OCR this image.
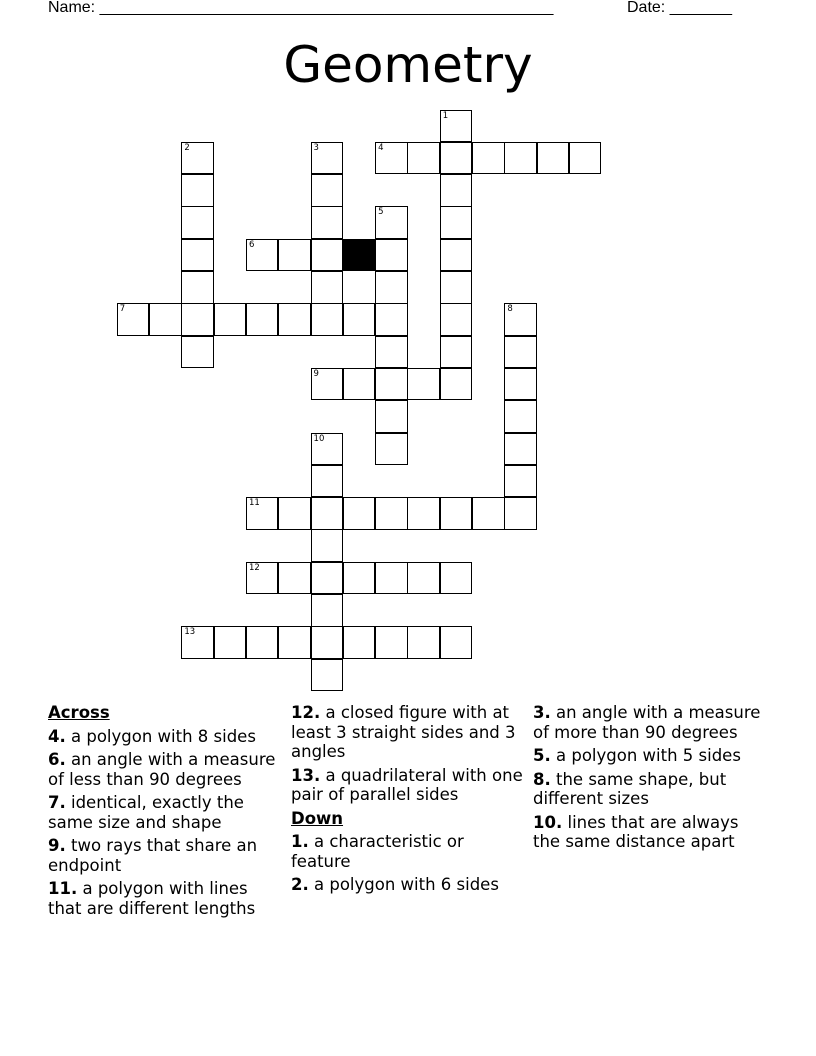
Name: ___________________________________________________	Date: _______
Geometry
1
2	3	4
5
6
7	8
9
10
11
12
13
Across
4. a polygon with 8 sides
6. an angle with a measure of less than 90 degrees
7. identical, exactly the same size and shape
9. two rays that share an endpoint
11. a polygon with lines that are different lengths
12. a closed figure with at least 3 straight sides and 3 angles
13. a quadrilateral with one pair of parallel sides
Down
1. a characteristic or feature
2. a polygon with 6 sides
3. an angle with a measure of more than 90 degrees
5. a polygon with 5 sides
8. the same shape, but different sizes
10. lines that are always the same distance apart
